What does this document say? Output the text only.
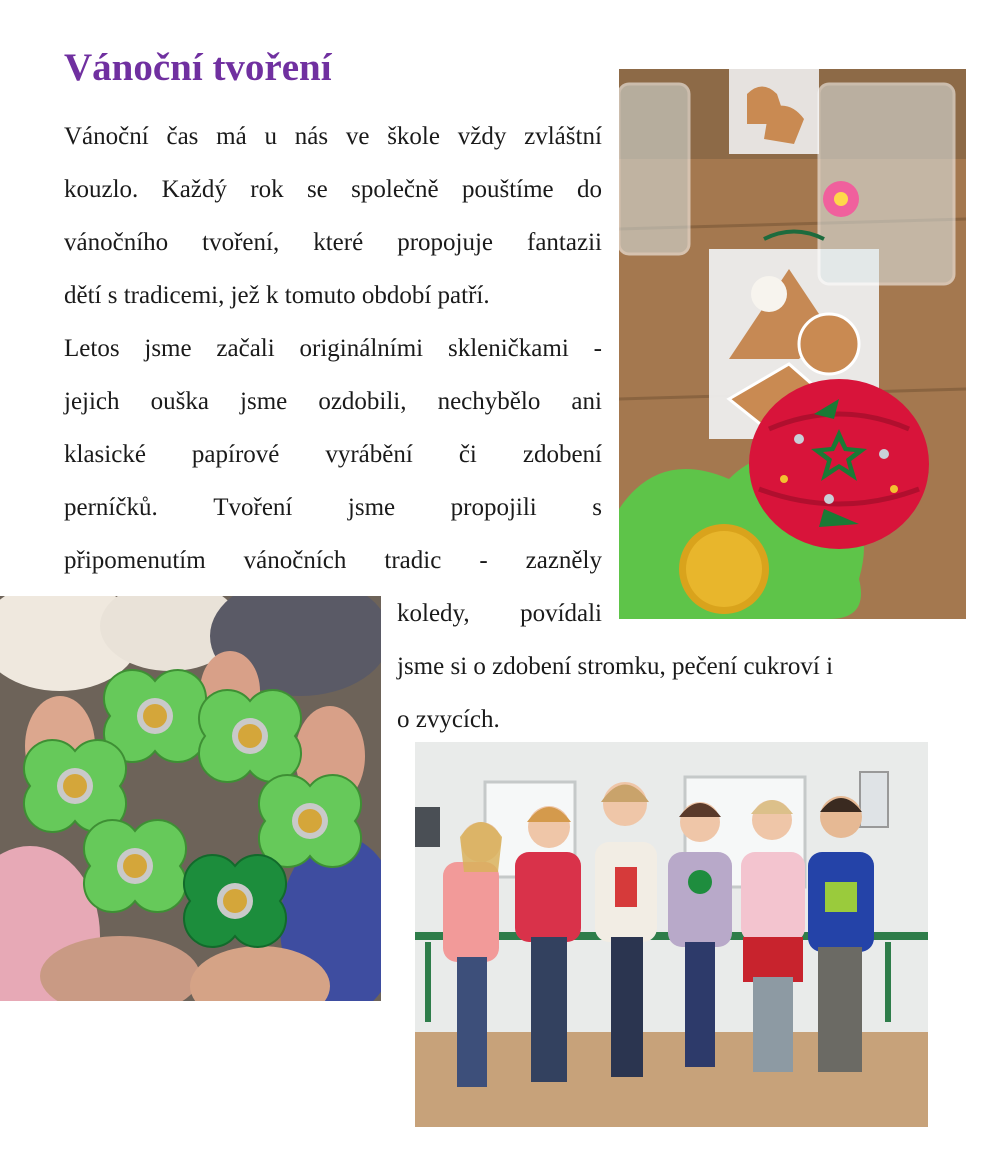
Vánoční tvoření
Vánoční čas má u nás ve škole vždy zvláštní
kouzlo. Každý rok se společně pouštíme do
vánočního tvoření, které propojuje fantazii
dětí s tradicemi, jež k tomuto období patří.
Letos jsme začali originálními skleničkami -
jejich ouška jsme ozdobili, nechybělo ani
klasické papírové vyrábění či zdobení
perníčků. Tvoření jsme propojili s
připomenutím vánočních tradic - zazněly
koledy, povídali
jsme si o zdobení stromku, pečení cukroví i
o zvycích.
